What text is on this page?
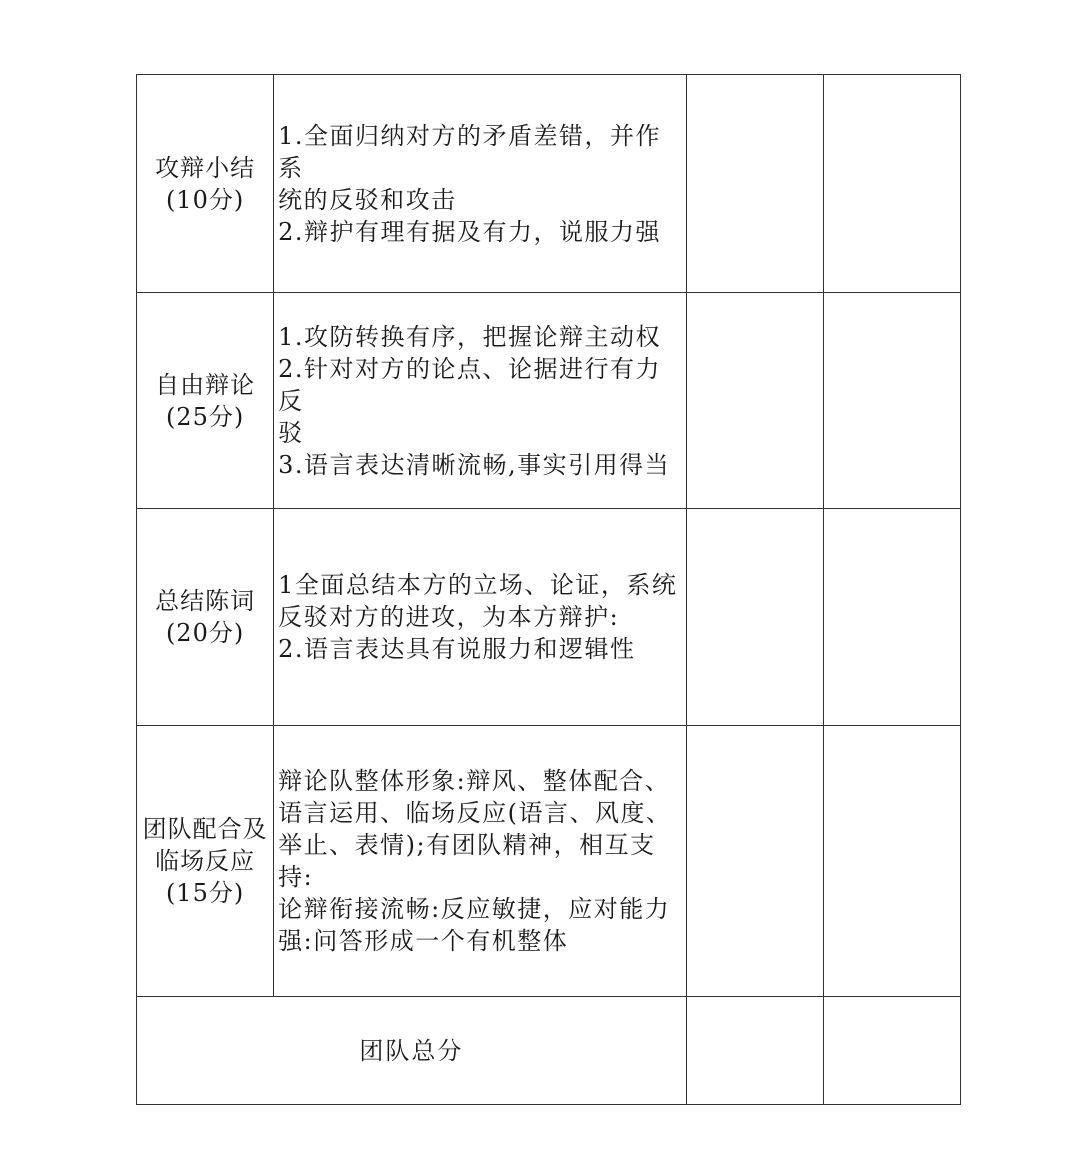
攻辩小结
(10分)	1.全面归纳对方的矛盾差错，并作系
统的反驳和攻击
2.辩护有理有据及有力，说服力强		

自由辩论
(25分)	1.攻防转换有序，把握论辩主动权
2.针对对方的论点、论据进行有力反
驳
3.语言表达清晰流畅,事实引用得当		

总结陈词
(20分)	1全面总结本方的立场、论证，系统
反驳对方的进攻，为本方辩护:
2.语言表达具有说服力和逻辑性		

团队配合及
临场反应
(15分)	辩论队整体形象:辩风、整体配合、
语言运用、临场反应(语言、风度、
举止、表情);有团队精神，相互支持:
论辩衔接流畅:反应敏捷，应对能力
强:问答形成一个有机整体		

团队总分			
